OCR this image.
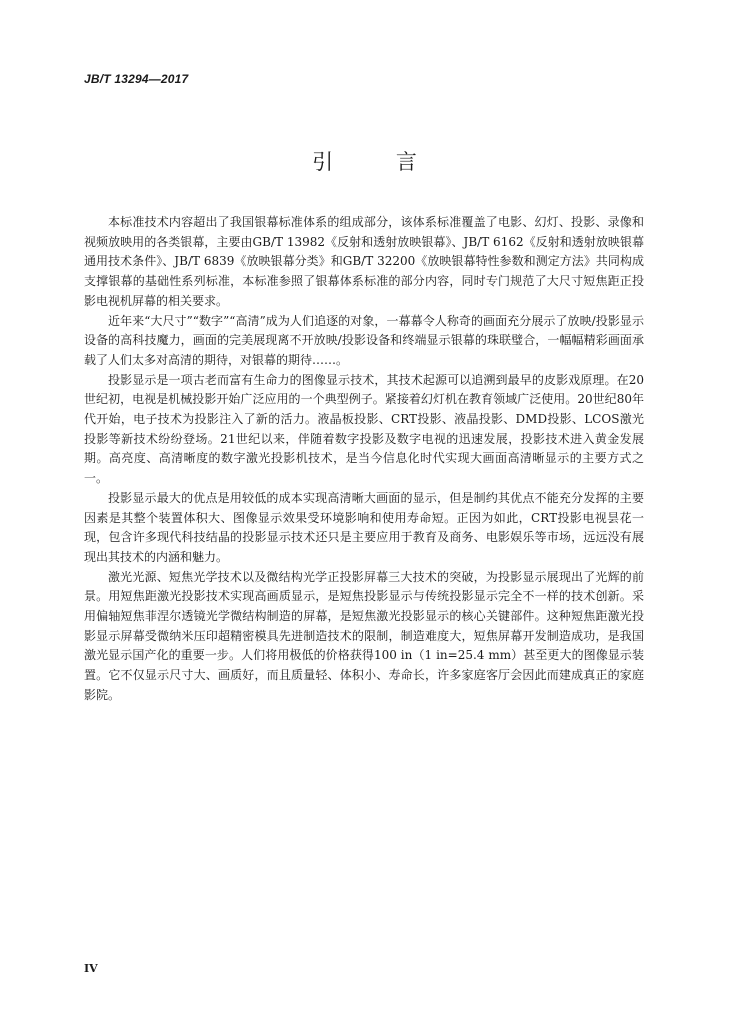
JB/T 13294—2017
引 言

本标准技术内容超出了我国银幕标准体系的组成部分，该体系标准覆盖了电影、幻灯、投影、录像和视频放映用的各类银幕，主要由GB/T 13982《反射和透射放映银幕》、JB/T 6162《反射和透射放映银幕 通用技术条件》、JB/T 6839《放映银幕分类》和GB/T 32200《放映银幕特性参数和测定方法》共同构成支撑银幕的基础性系列标准，本标准参照了银幕体系标准的部分内容，同时专门规范了大尺寸短焦距正投影电视机屏幕的相关要求。

近年来“大尺寸”“数字”“高清”成为人们追逐的对象，一幕幕令人称奇的画面充分展示了放映/投影显示设备的高科技魔力，画面的完美展现离不开放映/投影设备和终端显示银幕的珠联璧合，一幅幅精彩画面承载了人们太多对高清的期待，对银幕的期待……。

投影显示是一项古老而富有生命力的图像显示技术，其技术起源可以追溯到最早的皮影戏原理。在20世纪初，电视是机械投影开始广泛应用的一个典型例子。紧接着幻灯机在教育领域广泛使用。20世纪80年代开始，电子技术为投影注入了新的活力。液晶板投影、CRT投影、液晶投影、DMD投影、LCOS激光投影等新技术纷纷登场。21世纪以来，伴随着数字投影及数字电视的迅速发展，投影技术进入黄金发展期。高亮度、高清晰度的数字激光投影机技术，是当今信息化时代实现大画面高清晰显示的主要方式之一。

投影显示最大的优点是用较低的成本实现高清晰大画面的显示，但是制约其优点不能充分发挥的主要因素是其整个装置体积大、图像显示效果受环境影响和使用寿命短。正因为如此，CRT投影电视昙花一现，包含许多现代科技结晶的投影显示技术还只是主要应用于教育及商务、电影娱乐等市场，远远没有展现出其技术的内涵和魅力。

激光光源、短焦光学技术以及微结构光学正投影屏幕三大技术的突破，为投影显示展现出了光辉的前景。用短焦距激光投影技术实现高画质显示，是短焦投影显示与传统投影显示完全不一样的技术创新。采用偏轴短焦菲涅尔透镜光学微结构制造的屏幕，是短焦激光投影显示的核心关键部件。这种短焦距激光投影显示屏幕受微纳米压印超精密模具先进制造技术的限制，制造难度大，短焦屏幕开发制造成功，是我国激光显示国产化的重要一步。人们将用极低的价格获得100 in（1 in=25.4 mm）甚至更大的图像显示装置。它不仅显示尺寸大、画质好，而且质量轻、体积小、寿命长，许多家庭客厅会因此而建成真正的家庭影院。

IV
